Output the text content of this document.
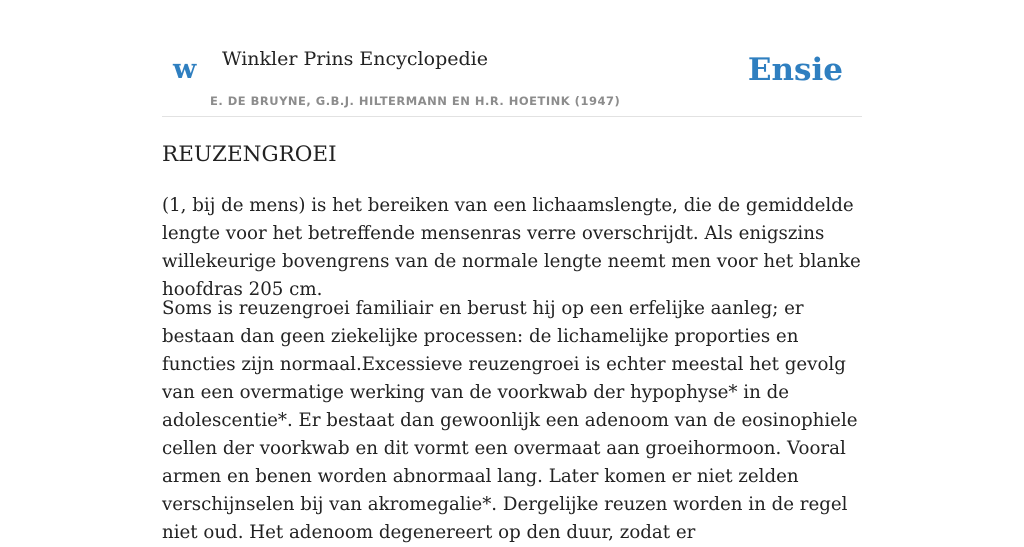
w Winkler Prins Encyclopedie
E. DE BRUYNE, G.B.J. HILTERMANN EN H.R. HOETINK (1947)
Ensie
REUZENGROEI

(1, bij de mens) is het bereiken van een lichaamslengte, die de gemiddelde lengte voor het betreffende mensenras verre overschrijdt. Als enigszins willekeurige bovengrens van de normale lengte neemt men voor het blanke hoofdras 205 cm.

Soms is reuzengroei familiair en berust hij op een erfelijke aanleg; er bestaan dan geen ziekelijke processen: de lichamelijke proporties en functies zijn normaal.Excessieve reuzengroei is echter meestal het gevolg van een overmatige werking van de voorkwab der hypophyse* in de adolescentie*. Er bestaat dan gewoonlijk een adenoom van de eosinophiele cellen der voorkwab en dit vormt een overmaat aan groeihormoon. Vooral armen en benen worden abnormaal lang. Later komen er niet zelden verschijnselen bij van akromegalie*. Dergelijke reuzen worden in de regel niet oud. Het adenoom degenereert op den duur, zodat er
